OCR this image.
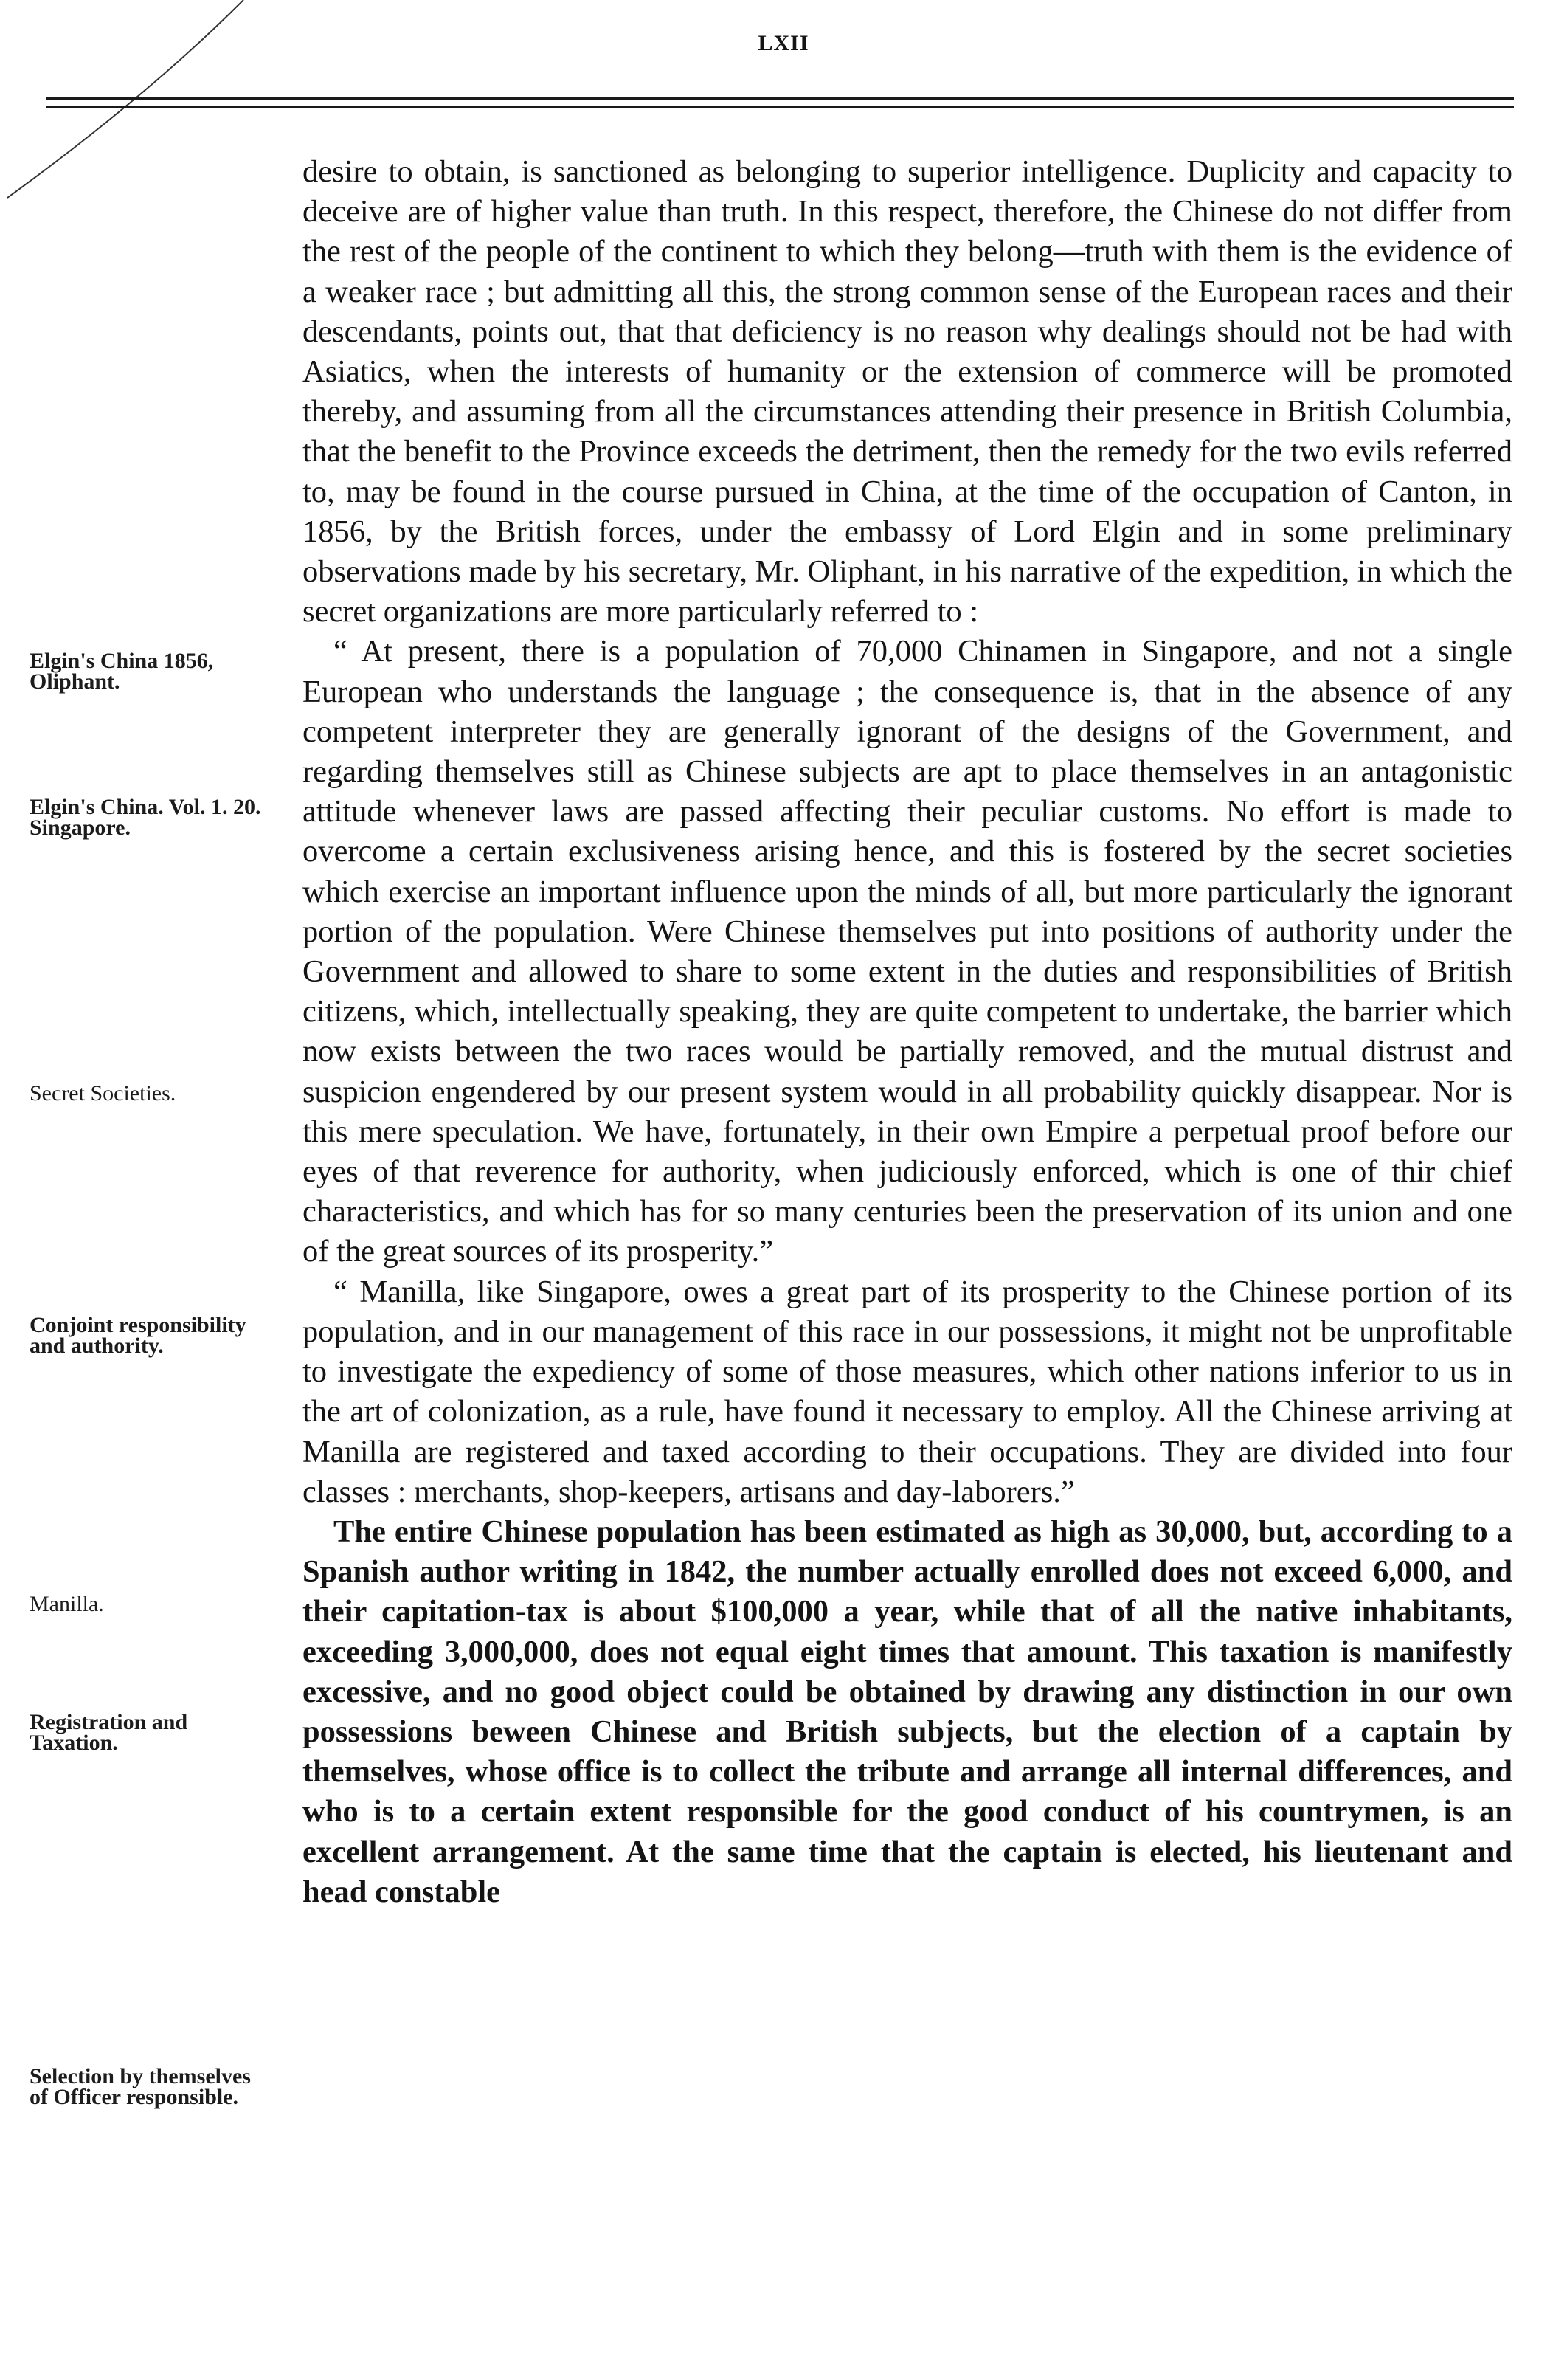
LXII

Elgin's China 1856, Oliphant.

Elgin's China. Vol. 1. 20. Singapore.

Secret Societies.

Conjoint responsibility and authority.

Manilla.

Registration and Taxation.

Selection by themselves of Officer responsible.

desire to obtain, is sanctioned as belonging to superior intelligence. Duplicity and capacity to deceive are of higher value than truth. In this respect, therefore, the Chinese do not differ from the rest of the people of the continent to which they belong—truth with them is the evidence of a weaker race ; but admitting all this, the strong common sense of the European races and their descendants, points out, that that deficiency is no reason why dealings should not be had with Asiatics, when the interests of humanity or the extension of commerce will be promoted thereby, and assuming from all the circumstances attending their presence in British Columbia, that the benefit to the Province exceeds the detriment, then the remedy for the two evils referred to, may be found in the course pursued in China, at the time of the occupation of Canton, in 1856, by the British forces, under the embassy of Lord Elgin and in some preliminary observations made by his secretary, Mr. Oliphant, in his narrative of the expedition, in which the secret organizations are more particularly referred to :

“ At present, there is a population of 70,000 Chinamen in Singapore, and not a single European who understands the language ; the consequence is, that in the absence of any competent interpreter they are generally ignorant of the designs of the Government, and regarding themselves still as Chinese subjects are apt to place themselves in an antagonistic attitude whenever laws are passed affecting their peculiar customs. No effort is made to overcome a certain exclusiveness arising hence, and this is fostered by the secret societies which exercise an important influence upon the minds of all, but more particularly the ignorant portion of the population. Were Chinese themselves put into positions of authority under the Government and allowed to share to some extent in the duties and responsibilities of British citizens, which, intellectually speaking, they are quite competent to undertake, the barrier which now exists between the two races would be partially removed, and the mutual distrust and suspicion engendered by our present system would in all probability quickly disappear. Nor is this mere speculation. We have, fortunately, in their own Empire a perpetual proof before our eyes of that reverence for authority, when judiciously enforced, which is one of thir chief characteristics, and which has for so many centuries been the preservation of its union and one of the great sources of its prosperity.”

“ Manilla, like Singapore, owes a great part of its prosperity to the Chinese portion of its population, and in our management of this race in our possessions, it might not be unprofitable to investigate the expediency of some of those measures, which other nations inferior to us in the art of colonization, as a rule, have found it necessary to employ. All the Chinese arriving at Manilla are registered and taxed according to their occupations. They are divided into four classes : merchants, shop-keepers, artisans and day-laborers.”

The entire Chinese population has been estimated as high as 30,000, but, according to a Spanish author writing in 1842, the number actually enrolled does not exceed 6,000, and their capitation-tax is about $100,000 a year, while that of all the native inhabitants, exceeding 3,000,000, does not equal eight times that amount. This taxation is manifestly excessive, and no good object could be obtained by drawing any distinction in our own possessions beween Chinese and British subjects, but the election of a captain by themselves, whose office is to collect the tribute and arrange all internal differences, and who is to a certain extent responsible for the good conduct of his countrymen, is an excellent arrangement. At the same time that the captain is elected, his lieutenant and head constable
